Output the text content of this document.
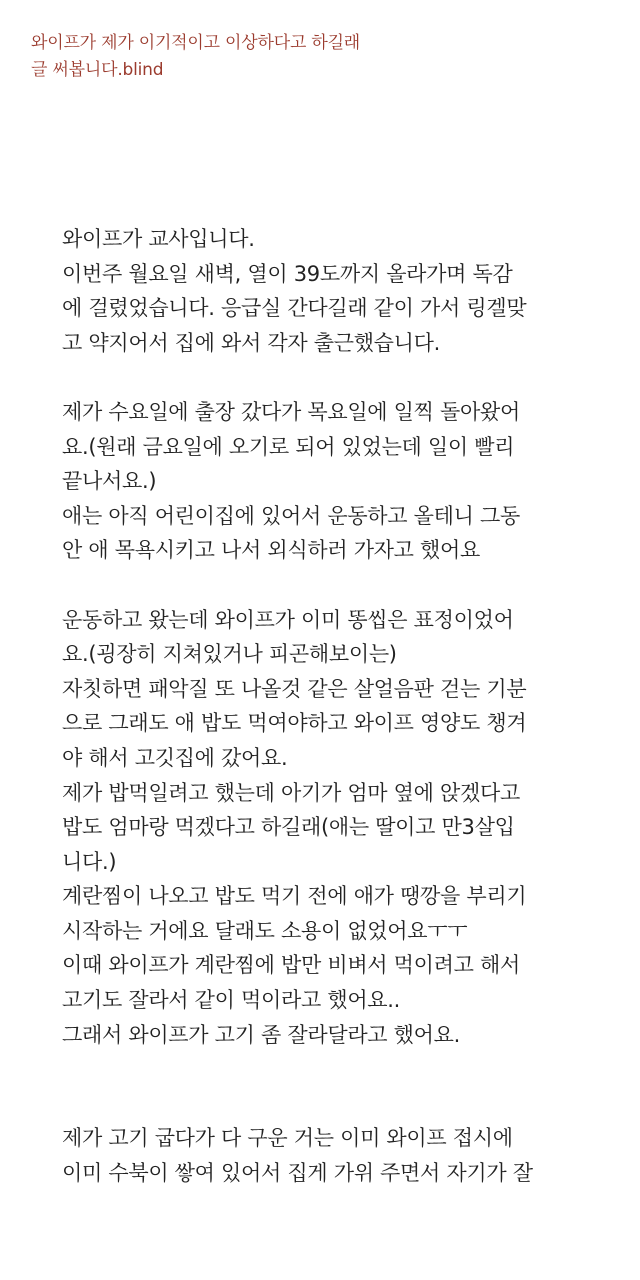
와이프가 제가 이기적이고 이상하다고 하길래
글 써봅니다.blind
와이프가 교사입니다.
이번주 월요일 새벽, 열이 39도까지 올라가며 독감
에 걸렸었습니다. 응급실 간다길래 같이 가서 링겔맞
고 약지어서 집에 와서 각자 출근했습니다.
제가 수요일에 출장 갔다가 목요일에 일찍 돌아왔어
요.(원래 금요일에 오기로 되어 있었는데 일이 빨리
끝나서요.)
애는 아직 어린이집에 있어서 운동하고 올테니 그동
안 애 목욕시키고 나서 외식하러 가자고 했어요
운동하고 왔는데 와이프가 이미 똥씹은 표정이었어
요.(굉장히 지쳐있거나 피곤해보이는)
자칫하면 패악질 또 나올것 같은 살얼음판 걷는 기분
으로 그래도 애 밥도 먹여야하고 와이프 영양도 챙겨
야 해서 고깃집에 갔어요.
제가 밥먹일려고 했는데 아기가 엄마 옆에 앉겠다고
밥도 엄마랑 먹겠다고 하길래(애는 딸이고 만3살입
니다.)
계란찜이 나오고 밥도 먹기 전에 애가 땡깡을 부리기
시작하는 거에요 달래도 소용이 없었어요ㅜㅜ
이때 와이프가 계란찜에 밥만 비벼서 먹이려고 해서
고기도 잘라서 같이 먹이라고 했어요..
그래서 와이프가 고기 좀 잘라달라고 했어요.
제가 고기 굽다가 다 구운 거는 이미 와이프 접시에
이미 수북이 쌓여 있어서 집게 가위 주면서 자기가 잘
